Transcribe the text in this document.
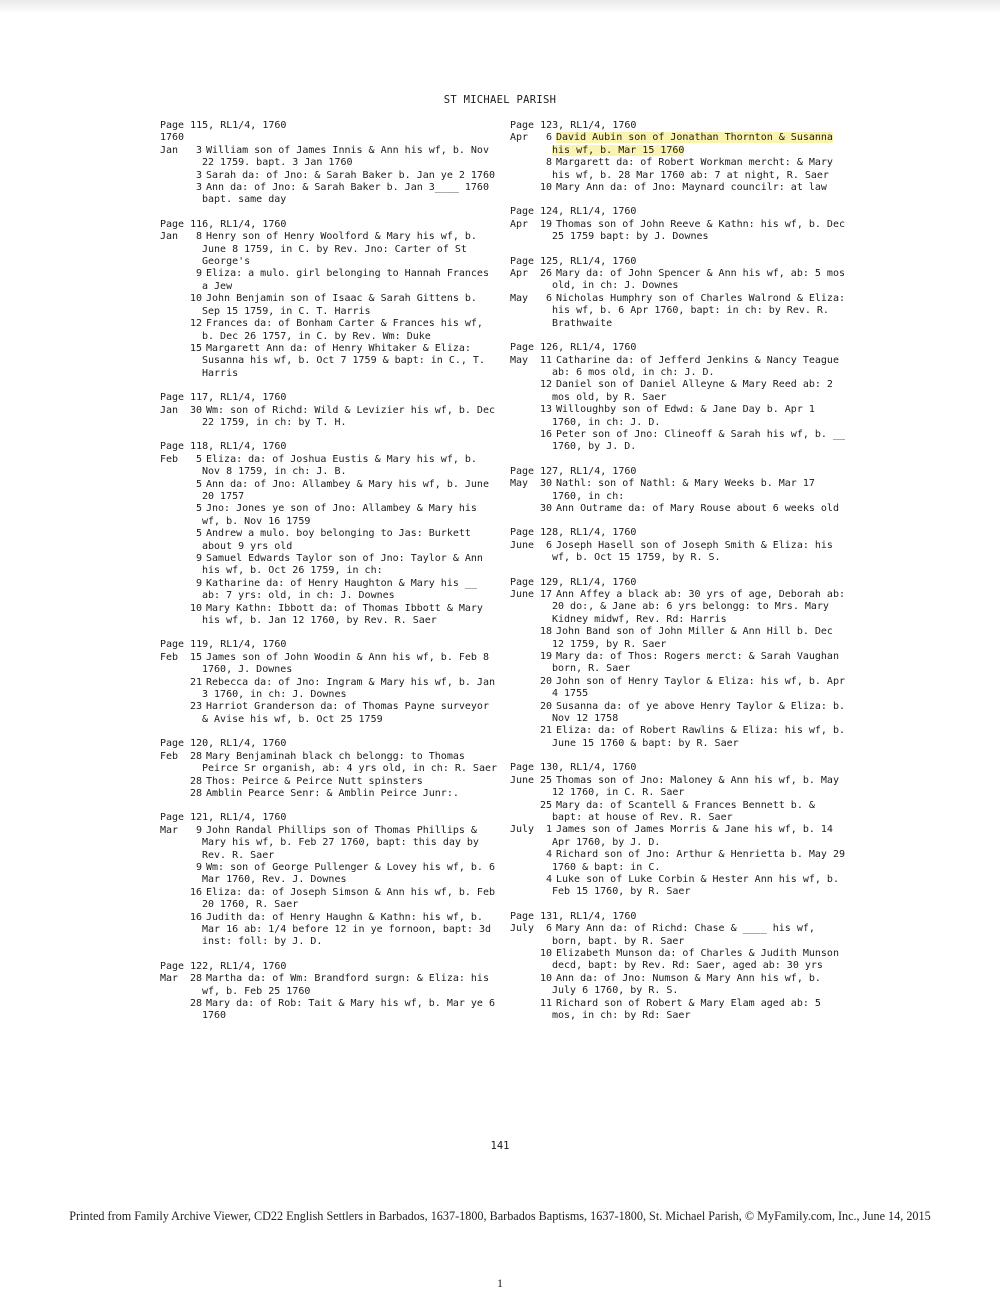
ST MICHAEL PARISH
Page 115, RL1/4, 1760
1760
Jan	3 William son of James Innis & Ann his wf, b. Nov 22 1759. bapt. 3 Jan 1760
3 Sarah da: of Jno: & Sarah Baker b. Jan ye 2 1760
3 Ann da: of Jno: & Sarah Baker b. Jan 3____ 1760 bapt. same day
Page 116, RL1/4, 1760
Jan	8 Henry son of Henry Woolford & Mary his wf, b. June 8 1759, in C. by Rev. Jno: Carter of St George's
9 Eliza: a mulo. girl belonging to Hannah Frances a Jew
10 John Benjamin son of Isaac & Sarah Gittens b. Sep 15 1759, in C. T. Harris
12 Frances da: of Bonham Carter & Frances his wf, b. Dec 26 1757, in C. by Rev. Wm: Duke
15 Margarett Ann da: of Henry Whitaker & Eliza: Susanna his wf, b. Oct 7 1759 & bapt: in C., T. Harris
Page 117, RL1/4, 1760
Jan	30 Wm: son of Richd: Wild & Levizier his wf, b. Dec 22 1759, in ch: by T. H.
Page 118, RL1/4, 1760
Feb	5 Eliza: da: of Joshua Eustis & Mary his wf, b. Nov 8 1759, in ch: J. B.
5 Ann da: of Jno: Allambey & Mary his wf, b. June 20 1757
5 Jno: Jones ye son of Jno: Allambey & Mary his wf, b. Nov 16 1759
5 Andrew a mulo. boy belonging to Jas: Burkett about 9 yrs old
9 Samuel Edwards Taylor son of Jno: Taylor & Ann his wf, b. Oct 26 1759, in ch:
9 Katharine da: of Henry Haughton & Mary his __ ab: 7 yrs: old, in ch: J. Downes
10 Mary Kathn: Ibbott da: of Thomas Ibbott & Mary his wf, b. Jan 12 1760, by Rev. R. Saer
Page 119, RL1/4, 1760
Feb	15 James son of John Woodin & Ann his wf, b. Feb 8 1760, J. Downes
21 Rebecca da: of Jno: Ingram & Mary his wf, b. Jan 3 1760, in ch: J. Downes
23 Harriot Granderson da: of Thomas Payne surveyor & Avise his wf, b. Oct 25 1759
Page 120, RL1/4, 1760
Feb	28 Mary Benjaminah black ch belongg: to Thomas Peirce Sr organish, ab: 4 yrs old, in ch: R. Saer
28 Thos: Peirce & Peirce Nutt spinsters
28 Amblin Pearce Senr: & Amblin Peirce Junr:.
Page 121, RL1/4, 1760
Mar	9 John Randal Phillips son of Thomas Phillips & Mary his wf, b. Feb 27 1760, bapt: this day by Rev. R. Saer
9 Wm: son of George Pullenger & Lovey his wf, b. 6 Mar 1760, Rev. J. Downes
16 Eliza: da: of Joseph Simson & Ann his wf, b. Feb 20 1760, R. Saer
16 Judith da: of Henry Haughn & Kathn: his wf, b. Mar 16 ab: 1/4 before 12 in ye fornoon, bapt: 3d inst: foll: by J. D.
Page 122, RL1/4, 1760
Mar	28 Martha da: of Wm: Brandford surgn: & Eliza: his wf, b. Feb 25 1760
28 Mary da: of Rob: Tait & Mary his wf, b. Mar ye 6 1760
Page 123, RL1/4, 1760
Apr	6 David Aubin son of Jonathan Thornton & Susanna his wf, b. Mar 15 1760
8 Margarett da: of Robert Workman mercht: & Mary his wf, b. 28 Mar 1760 ab: 7 at night, R. Saer
10 Mary Ann da: of Jno: Maynard councilr: at law
Page 124, RL1/4, 1760
Apr	19 Thomas son of John Reeve & Kathn: his wf, b. Dec 25 1759 bapt: by J. Downes
Page 125, RL1/4, 1760
Apr	26 Mary da: of John Spencer & Ann his wf, ab: 5 mos old, in ch: J. Downes
May	6 Nicholas Humphry son of Charles Walrond & Eliza: his wf, b. 6 Apr 1760, bapt: in ch: by Rev. R. Brathwaite
Page 126, RL1/4, 1760
May	11 Catharine da: of Jefferd Jenkins & Nancy Teague ab: 6 mos old, in ch: J. D.
12 Daniel son of Daniel Alleyne & Mary Reed ab: 2 mos old, by R. Saer
13 Willoughby son of Edwd: & Jane Day b. Apr 1 1760, in ch: J. D.
16 Peter son of Jno: Clineoff & Sarah his wf, b. __ 1760, by J. D.
Page 127, RL1/4, 1760
May	30 Nathl: son of Nathl: & Mary Weeks b. Mar 17 1760, in ch:
30 Ann Outrame da: of Mary Rouse about 6 weeks old
Page 128, RL1/4, 1760
June	6 Joseph Hasell son of Joseph Smith & Eliza: his wf, b. Oct 15 1759, by R. S.
Page 129, RL1/4, 1760
June 17 Ann Affey a black ab: 30 yrs of age, Deborah ab: 20 do:, & Jane ab: 6 yrs belongg: to Mrs. Mary Kidney midwf, Rev. Rd: Harris
18 John Band son of John Miller & Ann Hill b. Dec 12 1759, by R. Saer
19 Mary da: of Thos: Rogers merct: & Sarah Vaughan born, R. Saer
20 John son of Henry Taylor & Eliza: his wf, b. Apr 4 1755
20 Susanna da: of ye above Henry Taylor & Eliza: b. Nov 12 1758
21 Eliza: da: of Robert Rawlins & Eliza: his wf, b. June 15 1760 & bapt: by R. Saer
Page 130, RL1/4, 1760
June 25 Thomas son of Jno: Maloney & Ann his wf, b. May 12 1760, in C. R. Saer
25 Mary da: of Scantell & Frances Bennett b. & bapt: at house of Rev. R. Saer
July	1 James son of James Morris & Jane his wf, b. 14 Apr 1760, by J. D.
4 Richard son of Jno: Arthur & Henrietta b. May 29 1760 & bapt: in C.
4 Luke son of Luke Corbin & Hester Ann his wf, b. Feb 15 1760, by R. Saer
Page 131, RL1/4, 1760
July	6 Mary Ann da: of Richd: Chase & ____ his wf, born, bapt. by R. Saer
10 Elizabeth Munson da: of Charles & Judith Munson decd, bapt: by Rev. Rd: Saer, aged ab: 30 yrs
10 Ann da: of Jno: Numson & Mary Ann his wf, b. July 6 1760, by R. S.
11 Richard son of Robert & Mary Elam aged ab: 5 mos, in ch: by Rd: Saer
141
Printed from Family Archive Viewer, CD22 English Settlers in Barbados, 1637-1800, Barbados Baptisms, 1637-1800, St. Michael Parish, © MyFamily.com, Inc., June 14, 2015
1
